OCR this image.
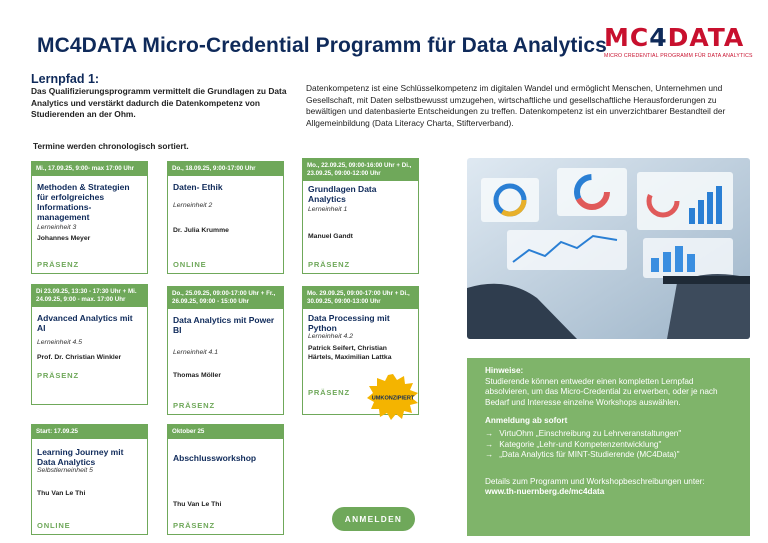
MC4DATA Micro-Credential Programm für Data Analytics
MC4DATA
MICRO CREDENTIAL PROGRAMM FÜR DATA ANALYTICS
Lernpfad 1:
Das Qualifizierungsprogramm vermittelt die Grundlagen zu Data Analytics und verstärkt dadurch die Datenkompetenz von Studierenden an der Ohm.
Datenkompetenz ist eine Schlüsselkompetenz im digitalen Wandel und ermöglicht Menschen, Unternehmen und Gesellschaft, mit Daten selbstbewusst umzugehen, wirtschaftliche und gesellschaftliche Herausforderungen zu bewältigen und datenbasierte Entscheidungen zu treffen. Datenkompetenz ist ein unverzichtbarer Bestandteil der Allgemeinbildung (Data Literacy Charta, Stifterverband).
Termine werden chronologisch sortiert.
Mi., 17.09.25, 9:00- max 17:00 Uhr
Methoden & Strategien für erfolgreiches Informations-management
Lerneinheit 3
Johannes Meyer
PRÄSENZ
Do., 18.09.25, 9:00-17:00 Uhr
Daten- Ethik
Lerneinheit 2
Dr. Julia Krumme
ONLINE
Mo., 22.09.25, 09:00-16:00 Uhr + Di., 23.09.25, 09:00-12:00 Uhr
Grundlagen Data Analytics
Lerneinheit 1
Manuel Gandt
PRÄSENZ
Di 23.09.25, 13:30 - 17:30 Uhr + Mi. 24.09.25, 9:00 - max. 17:00 Uhr
Advanced Analytics mit AI
Lerneinheit 4.5
Prof. Dr. Christian Winkler
PRÄSENZ
Do., 25.09.25, 09:00-17:00 Uhr + Fr., 26.09.25, 09:00 - 15:00 Uhr
Data Analytics mit Power BI
Lerneinheit 4.1
Thomas Möller
PRÄSENZ
Mo. 29.09.25, 09:00-17:00 Uhr + Di., 30.09.25, 09:00-13:00 Uhr
Data Processing mit Python
Lerneinheit 4.2
Patrick Seifert, Christian Härtels, Maximilian Lattka
PRÄSENZ
Start: 17.09.25
Learning Journey mit Data Analytics
Selbstlerneinheit 5
Thu Van Le Thi
ONLINE
Oktober 25
Abschlussworkshop
Thu Van Le Thi
PRÄSENZ
UMKONZIPIERT
Hinweise:
Studierende können entweder einen kompletten Lernpfad absolvieren, um das Micro-Credential zu erwerben, oder je nach Bedarf und Interesse einzelne Workshops auswählen.
Anmeldung ab sofort
→ VirtuOhm „Einschreibung zu Lehrveranstaltungen"
→ Kategorie „Lehr-und Kompetenzentwicklung"
→ „Data Analytics für MINT-Studierende (MC4Data)"
Details zum Programm und Workshopbeschreibungen unter:
www.th-nuernberg.de/mc4data
ANMELDEN
